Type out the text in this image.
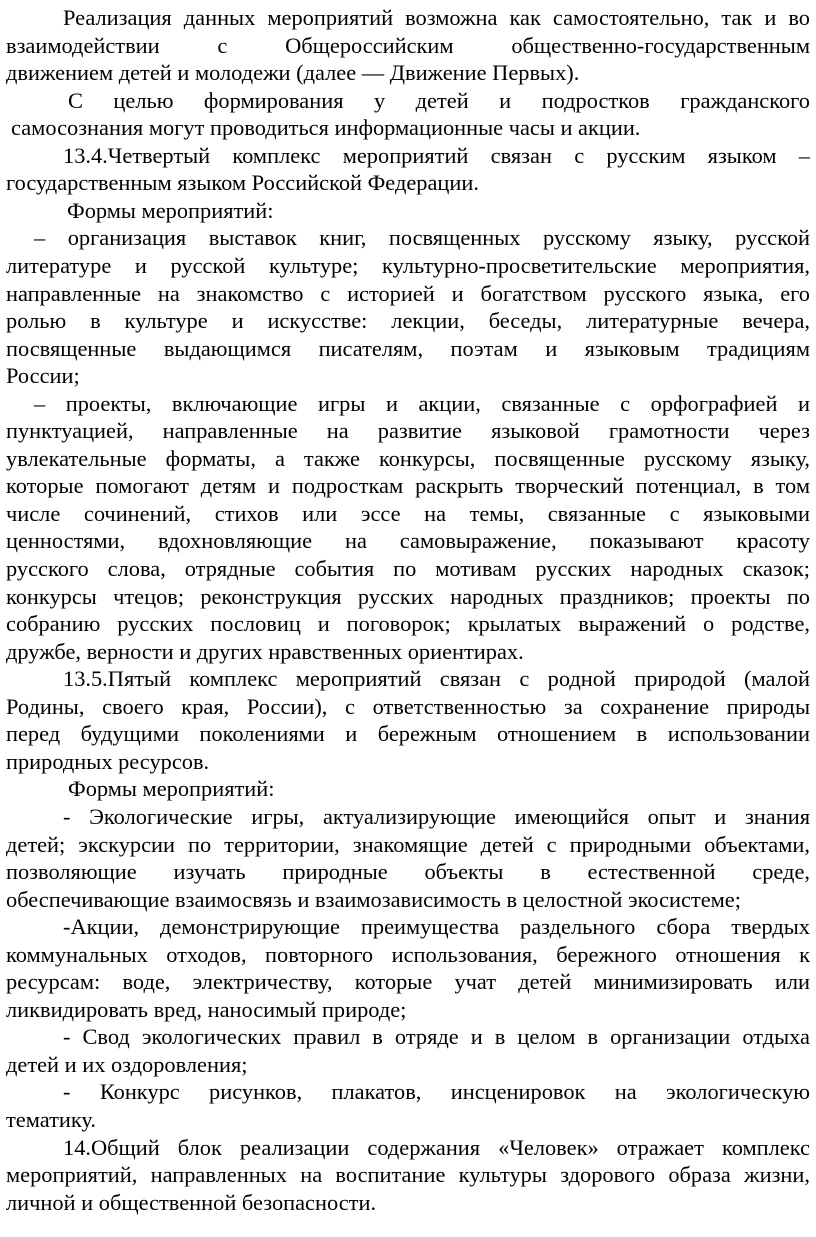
Реализация данных мероприятий возможна как самостоятельно, так и во
взаимодействии с Общероссийским общественно-государственным
движением детей и молодежи (далее — Движение Первых).
С целью формирования у детей и подростков гражданского
самосознания могут проводиться информационные часы и акции.
13.4.Четвертый комплекс мероприятий связан с русским языком –
государственным языком Российской Федерации.
Формы мероприятий:
– организация выставок книг, посвященных русскому языку, русской
литературе и русской культуре; культурно-просветительские мероприятия,
направленные на знакомство с историей и богатством русского языка, его
ролью в культуре и искусстве: лекции, беседы, литературные вечера,
посвященные выдающимся писателям, поэтам и языковым традициям
России;
– проекты, включающие игры и акции, связанные с орфографией и
пунктуацией, направленные на развитие языковой грамотности через
увлекательные форматы, а также конкурсы, посвященные русскому языку,
которые помогают детям и подросткам раскрыть творческий потенциал, в том
числе сочинений, стихов или эссе на темы, связанные с языковыми
ценностями, вдохновляющие на самовыражение, показывают красоту
русского слова, отрядные события по мотивам русских народных сказок;
конкурсы чтецов; реконструкция русских народных праздников; проекты по
собранию русских пословиц и поговорок; крылатых выражений о родстве,
дружбе, верности и других нравственных ориентирах.
13.5.Пятый комплекс мероприятий связан с родной природой (малой
Родины, своего края, России), с ответственностью за сохранение природы
перед будущими поколениями и бережным отношением в использовании
природных ресурсов.
Формы мероприятий:
- Экологические игры, актуализирующие имеющийся опыт и знания
детей; экскурсии по территории, знакомящие детей с природными объектами,
позволяющие изучать природные объекты в естественной среде,
обеспечивающие взаимосвязь и взаимозависимость в целостной экосистеме;
-Акции, демонстрирующие преимущества раздельного сбора твердых
коммунальных отходов, повторного использования, бережного отношения к
ресурсам: воде, электричеству, которые учат детей минимизировать или
ликвидировать вред, наносимый природе;
- Свод экологических правил в отряде и в целом в организации отдыха
детей и их оздоровления;
- Конкурс рисунков, плакатов, инсценировок на экологическую
тематику.
14.Общий блок реализации содержания «Человек» отражает комплекс
мероприятий, направленных на воспитание культуры здорового образа жизни,
личной и общественной безопасности.
